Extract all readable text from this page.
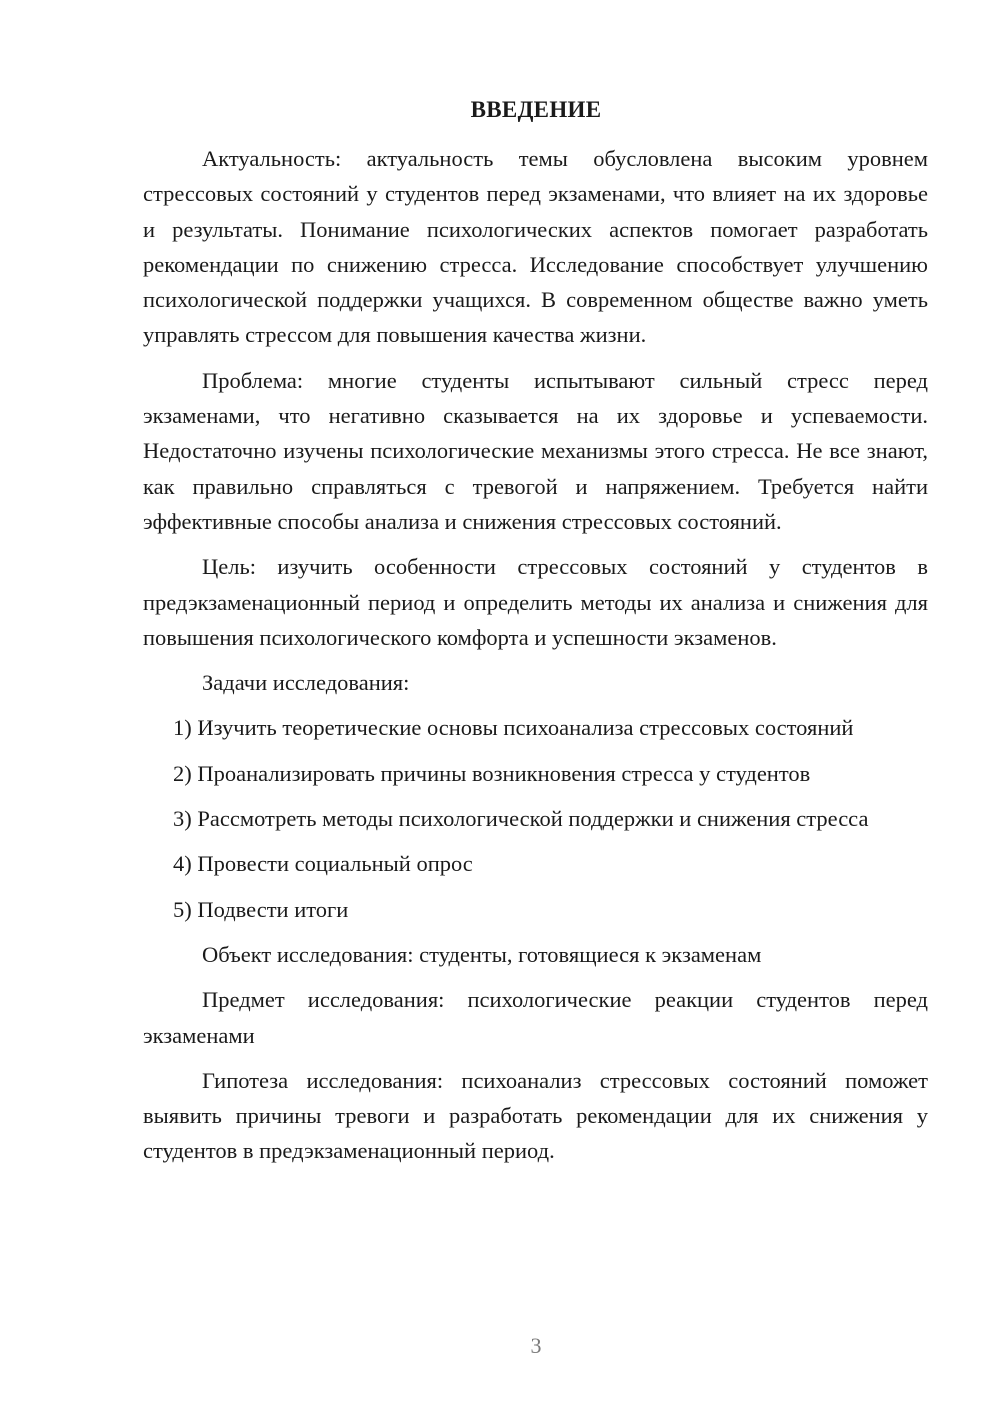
ВВЕДЕНИЕ

Актуальность: актуальность темы обусловлена высоким уровнем стрессовых состояний у студентов перед экзаменами, что влияет на их здоровье и результаты. Понимание психологических аспектов помогает разработать рекомендации по снижению стресса. Исследование способствует улучшению психологической поддержки учащихся. В современном обществе важно уметь управлять стрессом для повышения качества жизни.

Проблема: многие студенты испытывают сильный стресс перед экзаменами, что негативно сказывается на их здоровье и успеваемости. Недостаточно изучены психологические механизмы этого стресса. Не все знают, как правильно справляться с тревогой и напряжением. Требуется найти эффективные способы анализа и снижения стрессовых состояний.

Цель: изучить особенности стрессовых состояний у студентов в предэкзаменационный период и определить методы их анализа и снижения для повышения психологического комфорта и успешности экзаменов.

Задачи исследования:

1) Изучить теоретические основы психоанализа стрессовых состояний

2) Проанализировать причины возникновения стресса у студентов

3) Рассмотреть методы психологической поддержки и снижения стресса

4) Провести социальный опрос

5) Подвести итоги

Объект исследования: студенты, готовящиеся к экзаменам

Предмет исследования: психологические реакции студентов перед экзаменами

Гипотеза исследования: психоанализ стрессовых состояний поможет выявить причины тревоги и разработать рекомендации для их снижения у студентов в предэкзаменационный период.

3
